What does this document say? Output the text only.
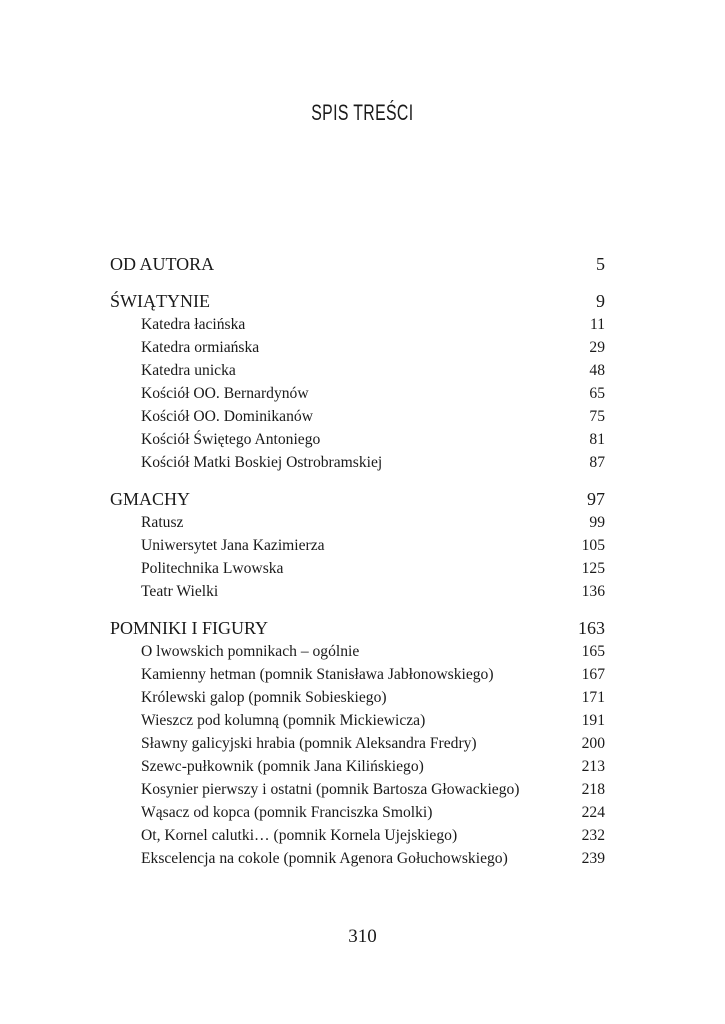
SPIS TREŚCI
OD AUTORA	5
ŚWIĄTYNIE	9
Katedra łacińska	11
Katedra ormiańska	29
Katedra unicka	48
Kościół OO. Bernardynów	65
Kościół OO. Dominikanów	75
Kościół Świętego Antoniego	81
Kościół Matki Boskiej Ostrobramskiej	87
GMACHY	97
Ratusz	99
Uniwersytet Jana Kazimierza	105
Politechnika Lwowska	125
Teatr Wielki	136
POMNIKI I FIGURY	163
O lwowskich pomnikach – ogólnie	165
Kamienny hetman (pomnik Stanisława Jabłonowskiego)	167
Królewski galop (pomnik Sobieskiego)	171
Wieszcz pod kolumną (pomnik Mickiewicza)	191
Sławny galicyjski hrabia (pomnik Aleksandra Fredry)	200
Szewc-pułkownik (pomnik Jana Kilińskiego)	213
Kosynier pierwszy i ostatni (pomnik Bartosza Głowackiego)	218
Wąsacz od kopca (pomnik Franciszka Smolki)	224
Ot, Kornel calutki… (pomnik Kornela Ujejskiego)	232
Ekscelencja na cokole (pomnik Agenora Gołuchowskiego)	239
310
